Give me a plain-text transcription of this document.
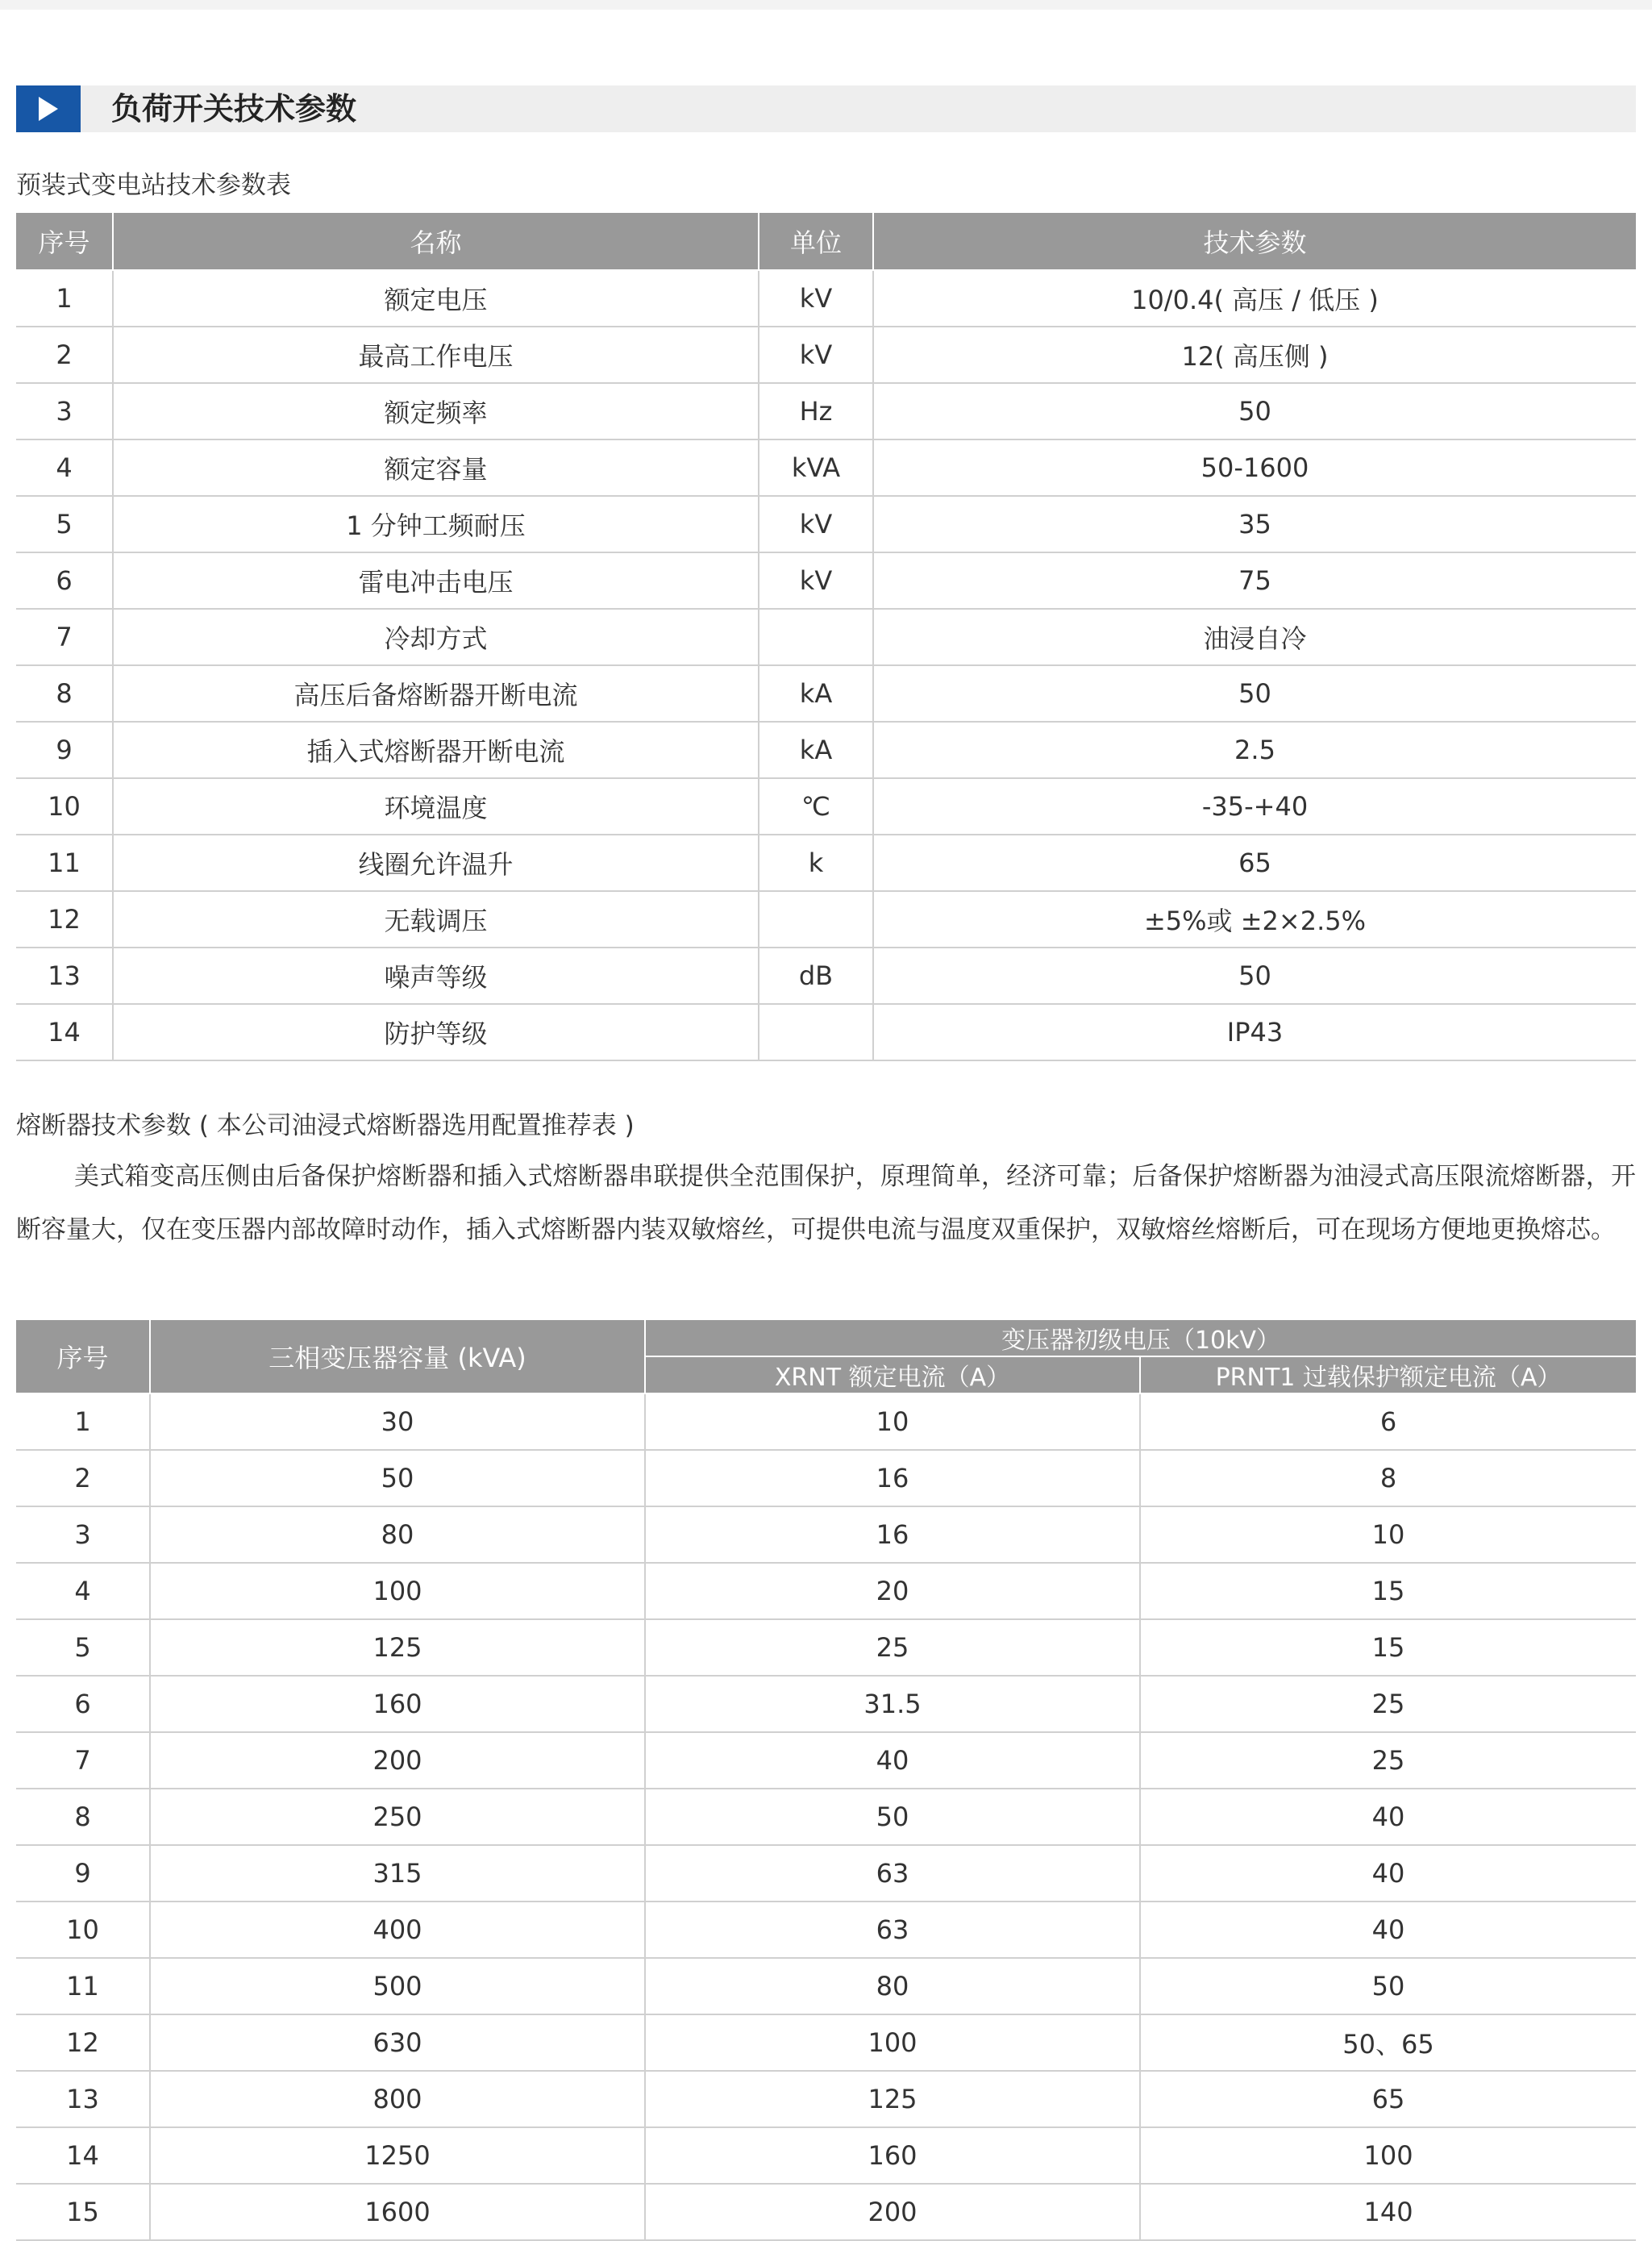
负荷开关技术参数
预装式变电站技术参数表
序号	名称	单位	技术参数
1	额定电压	kV	10/0.4( 高压 / 低压 )
2	最高工作电压	kV	12( 高压侧 )
3	额定频率	Hz	50
4	额定容量	kVA	50-1600
5	1 分钟工频耐压	kV	35
6	雷电冲击电压	kV	75
7	冷却方式		油浸自冷
8	高压后备熔断器开断电流	kA	50
9	插入式熔断器开断电流	kA	2.5
10	环境温度	℃	-35-+40
11	线圈允许温升	k	65
12	无载调压		±5%或 ±2×2.5%
13	噪声等级	dB	50
14	防护等级		IP43
熔断器技术参数 ( 本公司油浸式熔断器选用配置推荐表 )

美式箱变高压侧由后备保护熔断器和插入式熔断器串联提供全范围保护，原理简单，经济可靠；后备保护熔断器为油浸式高压限流熔断器，开断容量大，仅在变压器内部故障时动作，插入式熔断器内装双敏熔丝，可提供电流与温度双重保护，双敏熔丝熔断后，可在现场方便地更换熔芯。

序号	三相变压器容量 (kVA)	变压器初级电压（10kV）	
		XRNT 额定电流（A）	PRNT1 过载保护额定电流（A）
1	30	10	6
2	50	16	8
3	80	16	10
4	100	20	15
5	125	25	15
6	160	31.5	25
7	200	40	25
8	250	50	40
9	315	63	40
10	400	63	40
11	500	80	50
12	630	100	50、65
13	800	125	65
14	1250	160	100
15	1600	200	140
